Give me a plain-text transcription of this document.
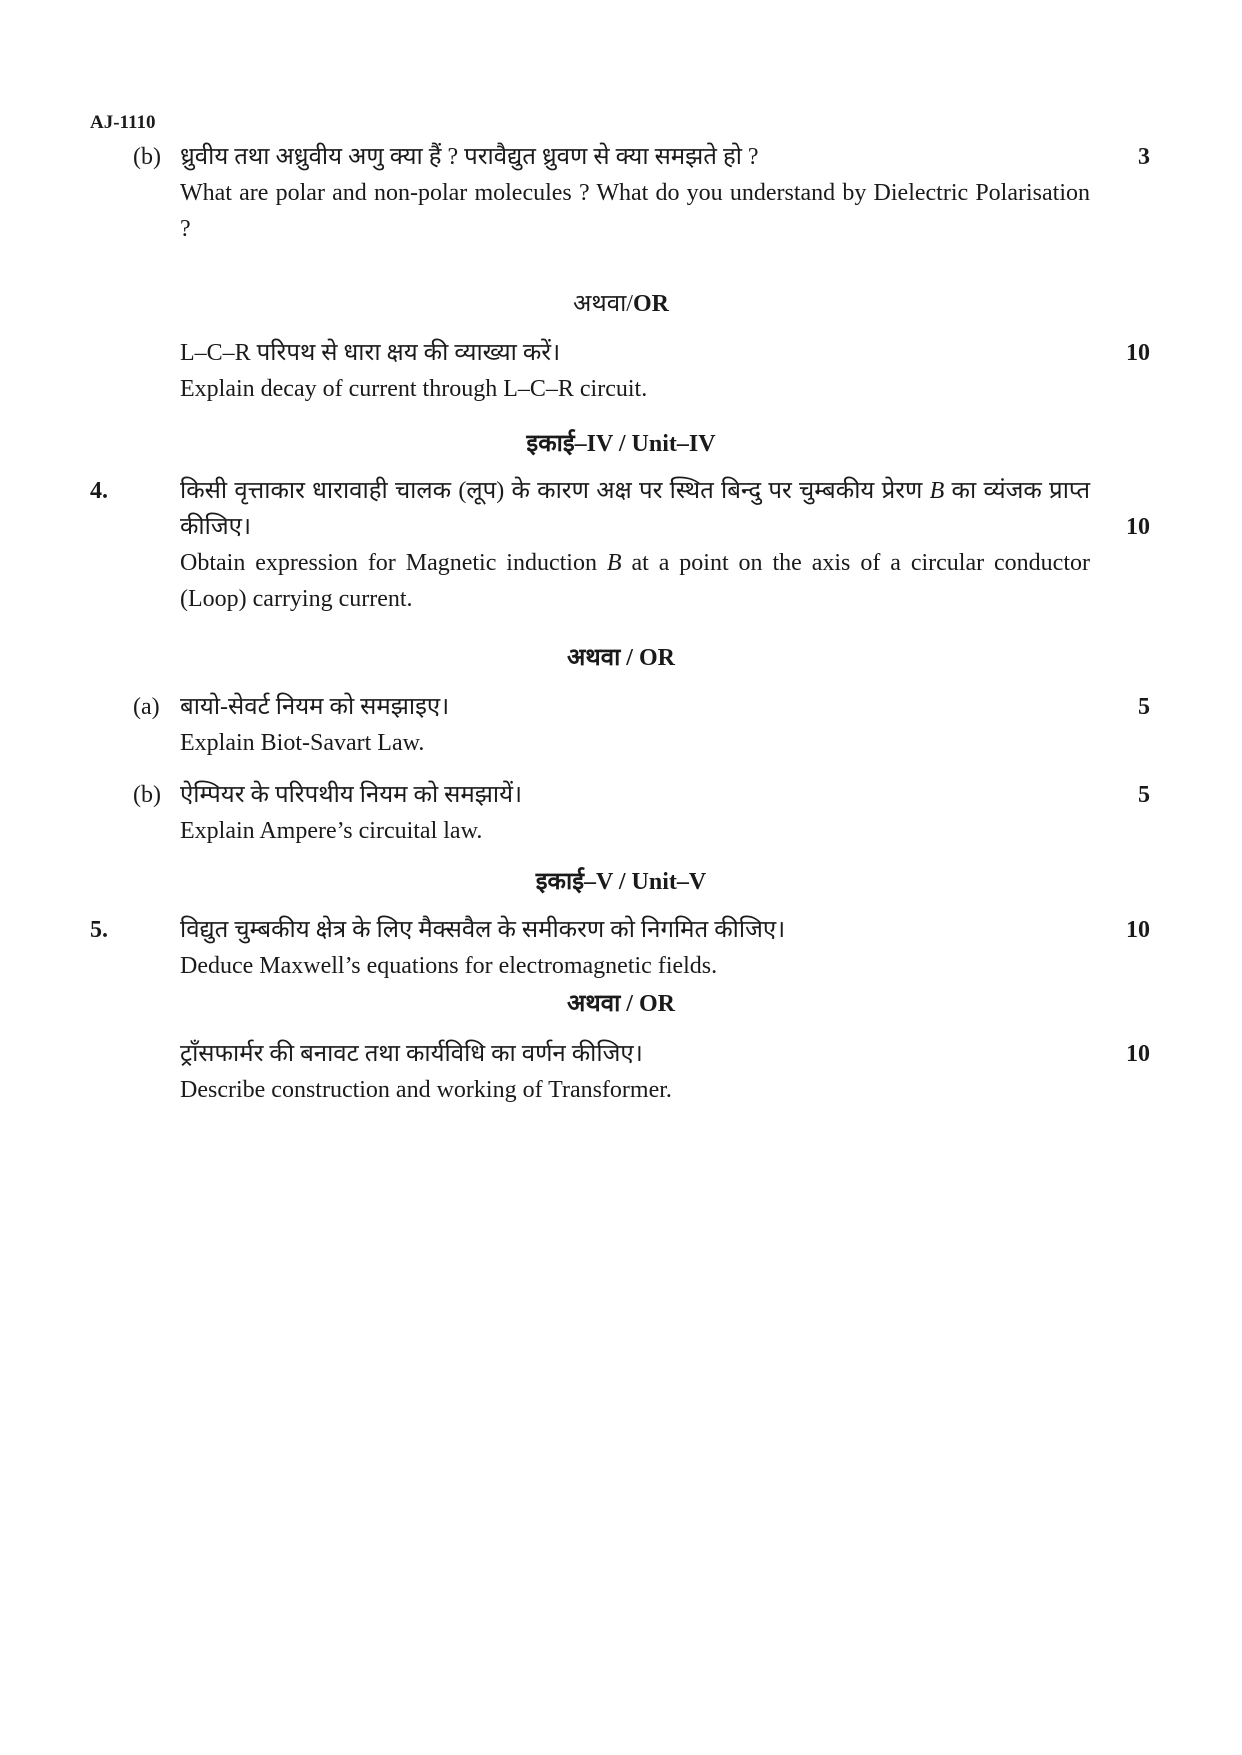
AJ-1110
(b) ध्रुवीय तथा अध्रुवीय अणु क्या हैं ? परावैद्युत ध्रुवण से क्या समझते हो ?	3
What are polar and non-polar molecules ? What do you understand by Dielectric Polarisation ?
अथवा/OR
L–C–R परिपथ से धारा क्षय की व्याख्या करें।	10
Explain decay of current through L–C–R circuit.
इकाई–IV / Unit–IV
4.	किसी वृत्ताकार धारावाही चालक (लूप) के कारण अक्ष पर स्थित बिन्दु पर चुम्बकीय प्रेरण B का व्यंजक प्राप्त कीजिए।	10
Obtain expression for Magnetic induction B at a point on the axis of a circular conductor (Loop) carrying current.
अथवा / OR
(a) बायो-सेवर्ट नियम को समझाइए।	5
Explain Biot-Savart Law.
(b) ऐम्पियर के परिपथीय नियम को समझायें।	5
Explain Ampere’s circuital law.
इकाई–V / Unit–V
5.	विद्युत चुम्बकीय क्षेत्र के लिए मैक्सवैल के समीकरण को निगमित कीजिए।	10
Deduce Maxwell’s equations for electromagnetic fields.
अथवा / OR
ट्राँसफार्मर की बनावट तथा कार्यविधि का वर्णन कीजिए।	10
Describe construction and working of Transformer.
